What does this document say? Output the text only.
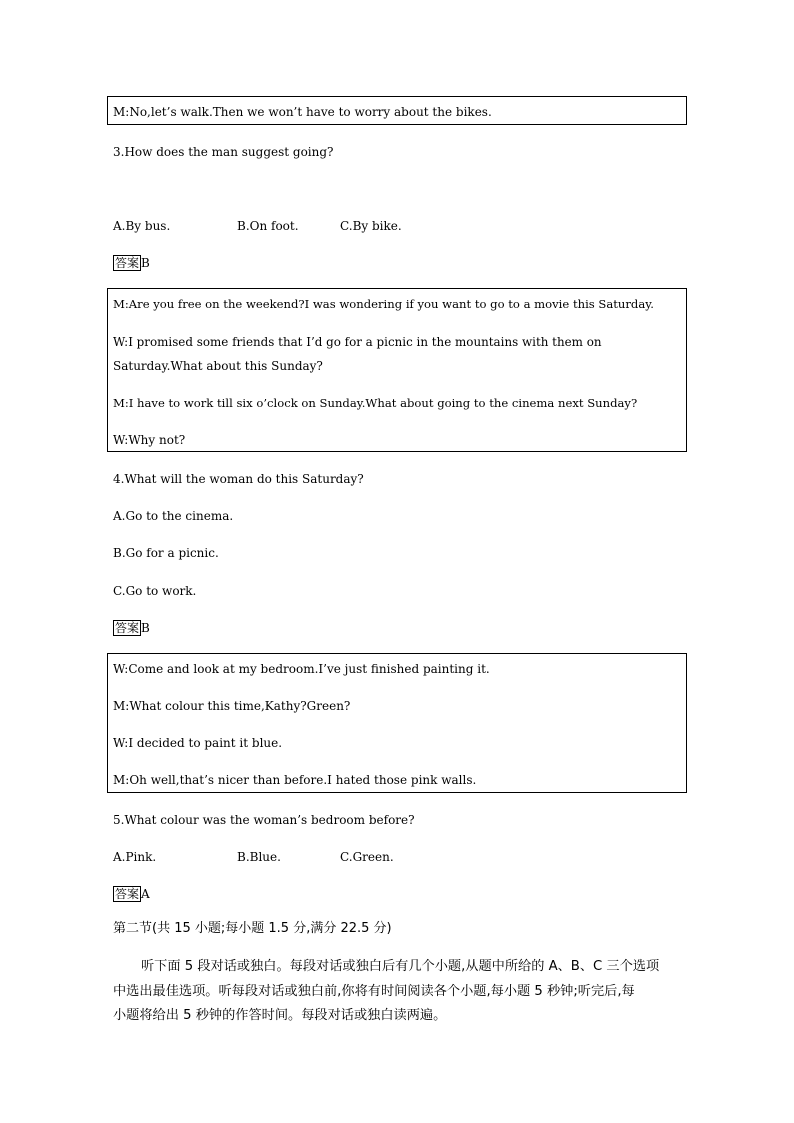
M:No,let’s walk.Then we won’t have to worry about the bikes.
3.How does the man suggest going?
A.By bus.	B.On foot.	C.By bike.
答案 B
M:Are you free on the weekend?I was wondering if you want to go to a movie this Saturday.
W:I promised some friends that I’d go for a picnic in the mountains with them on
Saturday.What about this Sunday?
M:I have to work till six o’clock on Sunday.What about going to the cinema next Sunday?
W:Why not?
4.What will the woman do this Saturday?
A.Go to the cinema.
B.Go for a picnic.
C.Go to work.
答案 B
W:Come and look at my bedroom.I’ve just finished painting it.
M:What colour this time,Kathy?Green?
W:I decided to paint it blue.
M:Oh well,that’s nicer than before.I hated those pink walls.
5.What colour was the woman’s bedroom before?
A.Pink.	B.Blue.	C.Green.
答案 A
第二节(共 15 小题;每小题 1.5 分,满分 22.5 分)
听下面 5 段对话或独白。每段对话或独白后有几个小题,从题中所给的 A、B、C 三个选项
中选出最佳选项。听每段对话或独白前,你将有时间阅读各个小题,每小题 5 秒钟;听完后,每
小题将给出 5 秒钟的作答时间。每段对话或独白读两遍。
